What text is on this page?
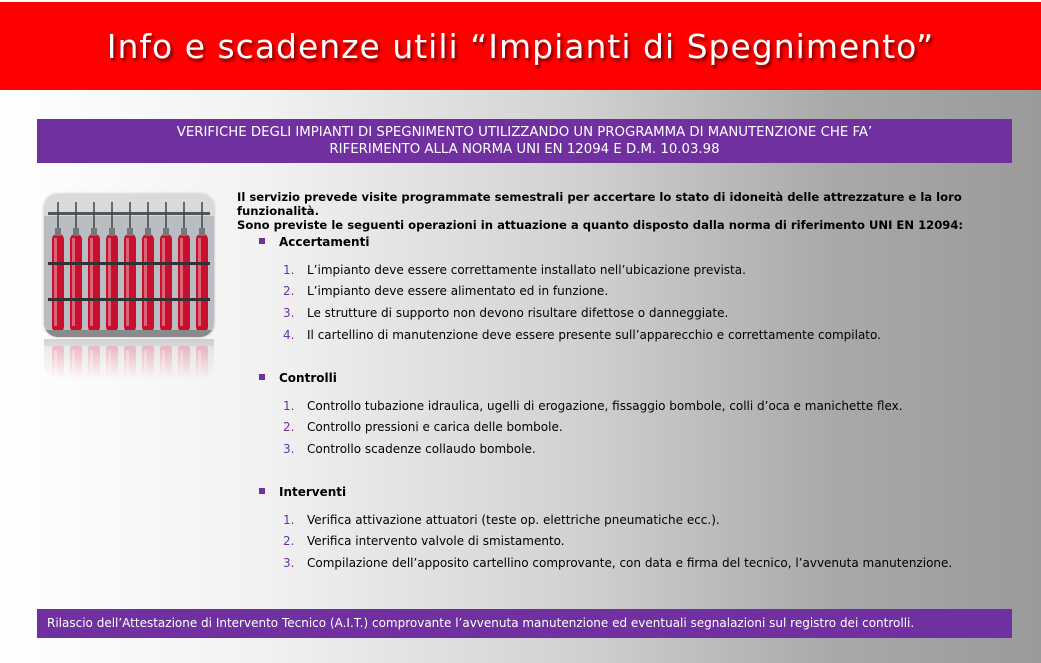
Info e scadenze utili “Impianti di Spegnimento”
VERIFICHE DEGLI IMPIANTI DI SPEGNIMENTO UTILIZZANDO UN PROGRAMMA DI MANUTENZIONE CHE FA’
RIFERIMENTO ALLA NORMA UNI EN 12094 E D.M. 10.03.98
Il servizio prevede visite programmate semestrali per accertare lo stato di idoneità delle attrezzature e la loro funzionalità.
Sono previste le seguenti operazioni in attuazione a quanto disposto dalla norma di riferimento UNI EN 12094:
Accertamenti
1. L’impianto deve essere correttamente installato nell’ubicazione prevista.
2. L’impianto deve essere alimentato ed in funzione.
3. Le strutture di supporto non devono risultare difettose o danneggiate.
4. Il cartellino di manutenzione deve essere presente sull’apparecchio e correttamente compilato.
Controlli
1. Controllo tubazione idraulica, ugelli di erogazione, fissaggio bombole, colli d’oca e manichette flex.
2. Controllo pressioni e carica delle bombole.
3. Controllo scadenze collaudo bombole.
Interventi
1. Verifica attivazione attuatori (teste op. elettriche pneumatiche ecc.).
2. Verifica intervento valvole di smistamento.
3. Compilazione dell’apposito cartellino comprovante, con data e firma del tecnico, l’avvenuta manutenzione.
Rilascio dell’Attestazione di Intervento Tecnico (A.I.T.) comprovante l’avvenuta manutenzione ed eventuali segnalazioni sul registro dei controlli.
